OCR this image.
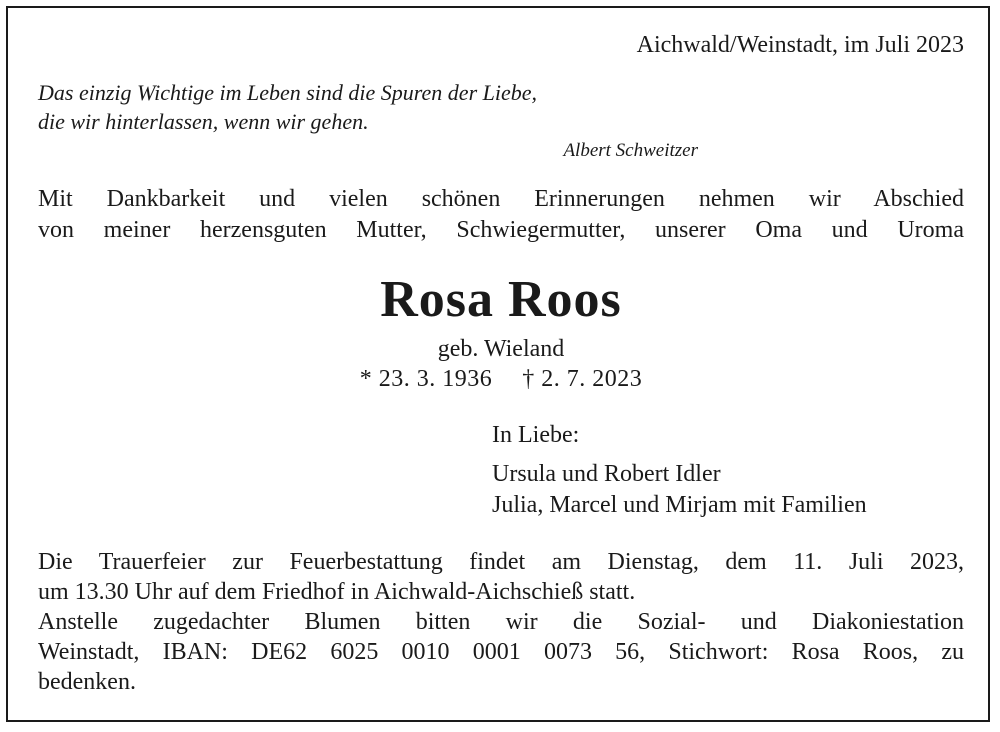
Aichwald/Weinstadt, im Juli 2023

Das einzig Wichtige im Leben sind die Spuren der Liebe,
die wir hinterlassen, wenn wir gehen.
Albert Schweitzer
Mit Dankbarkeit und vielen schönen Erinnerungen nehmen wir Abschied
von meiner herzensguten Mutter, Schwiegermutter, unserer Oma und Uroma
Rosa Roos
geb. Wieland
* 23. 3. 1936 † 2. 7. 2023
In Liebe:
Ursula und Robert Idler
Julia, Marcel und Mirjam mit Familien
Die Trauerfeier zur Feuerbestattung findet am Dienstag, dem 11. Juli 2023,
um 13.30 Uhr auf dem Friedhof in Aichwald-Aichschieß statt.
Anstelle zugedachter Blumen bitten wir die Sozial- und Diakoniestation
Weinstadt, IBAN: DE62 6025 0010 0001 0073 56, Stichwort: Rosa Roos, zu
bedenken.
